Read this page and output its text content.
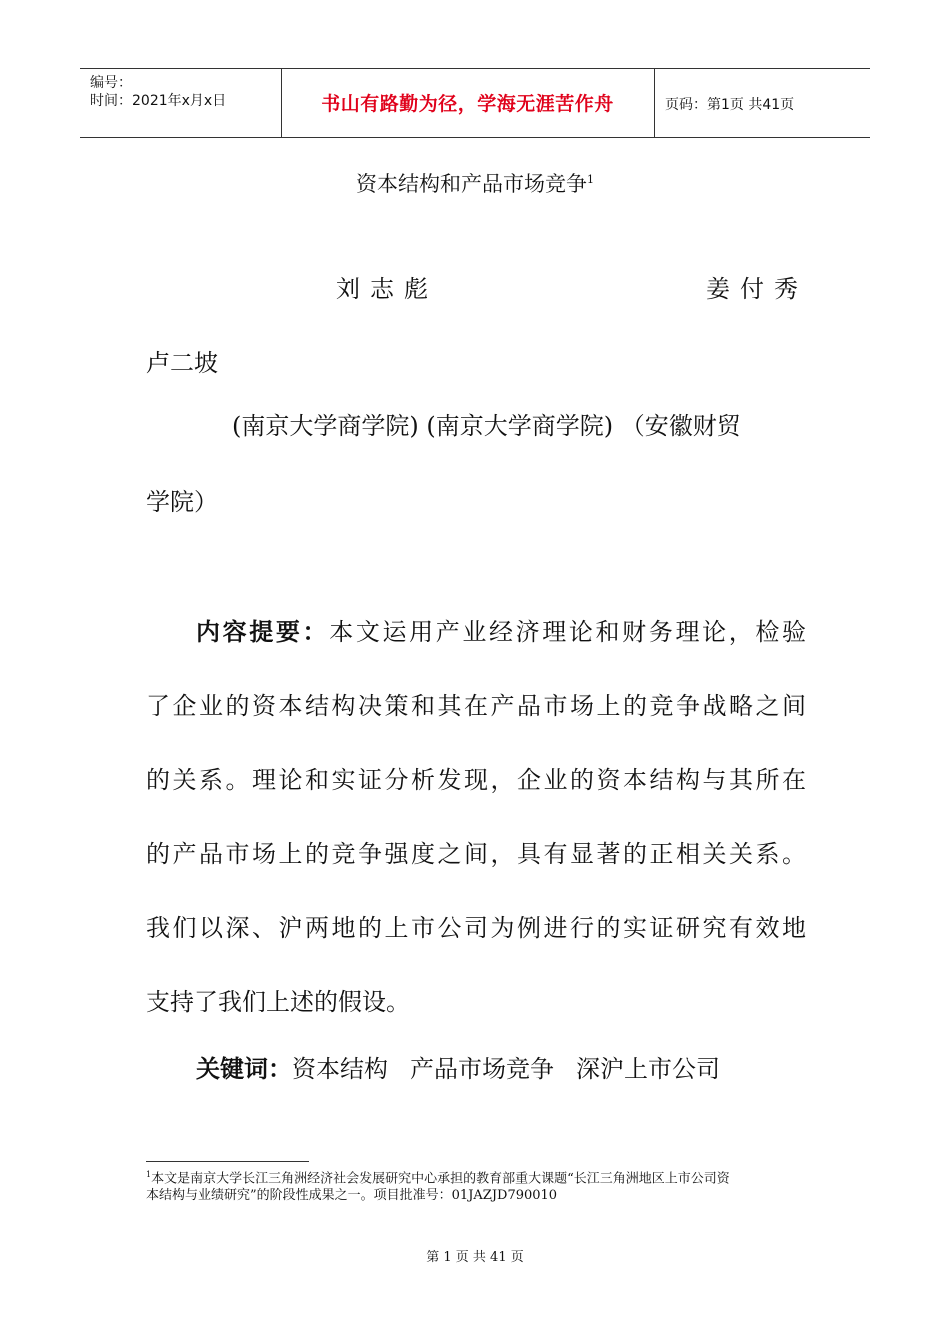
编号：
时间：2021年x月x日	书山有路勤为径，学海无涯苦作舟	页码：第1页 共41页
资本结构和产品市场竞争$^1$
刘志彪	姜付秀
卢二坡
(南京大学商学院) (南京大学商学院) （安徽财贸
学院）
内容提要：本文运用产业经济理论和财务理论，检验
了企业的资本结构决策和其在产品市场上的竞争战略之间
的关系。理论和实证分析发现，企业的资本结构与其所在
的产品市场上的竞争强度之间，具有显著的正相关关系。
我们以深、沪两地的上市公司为例进行的实证研究有效地
支持了我们上述的假设。
关键词：资本结构 产品市场竞争 深沪上市公司
$^1$本文是南京大学长江三角洲经济社会发展研究中心承担的教育部重大课题“长江三角洲地区上市公司资
本结构与业绩研究”的阶段性成果之一。项目批准号：01JAZJD790010
第 1 页 共 41 页
